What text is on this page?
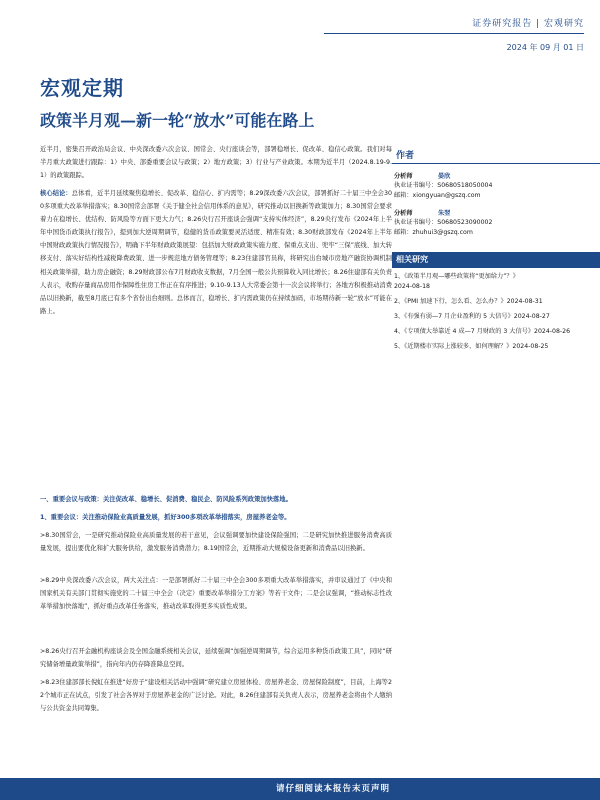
证券研究报告 | 宏观研究
2024 年 09 月 01 日
宏观定期
政策半月观—新一轮“放水”可能在路上

近半月，密集召开政治局会议、中央深改委六次会议、国常会、央行座谈会等，部署稳增长、促改革、稳信心政策。我们对每半月重大政策进行跟踪：1）中央、部委重要会议与政策；2）地方政策；3）行业与产业政策。本期为近半月（2024.8.19-9.1）的政策跟踪。

核心结论：总体看，近半月延续聚焦稳增长、促改革、稳信心、扩内需等；8.29深改委六次会议，部署抓好二十届三中全会300多项重大改革举措落实；8.30国常会部署《关于健全社会信用体系的意见》，研究推动以旧换新等政策加力；8.30国常会要求着力在稳增长、优结构、防风险等方面下更大力气；8.26央行召开座谈会强调“支持实体经济”，8.29央行发布《2024年上半年中国货币政策执行报告》，提到加大逆周期调节，稳健的货币政策要灵活适度、精准有效；8.30财政部发布《2024年上半年中国财政政策执行情况报告》，明确下半年财政政策展望：包括加大财政政策实施力度、保重点支出、兜牢“三保”底线、加大转移支付、落实好结构性减税降费政策、进一步规范地方债务管理等；8.23住建部官员称，将研究出台城市房地产融资协调机制相关政策举措，助力房企融资；8.29财政部公布7月财政收支数据，7月全国一般公共预算收入同比增长；8.26住建部有关负责人表示，收购存量商品房用作保障性住房工作正在有序推进；9.10-9.13人大常委会第十一次会议将举行；各地方积极推动消费品以旧换新，截至8月底已有多个省份出台细则。总体而言，稳增长、扩内需政策仍在持续加码，市场期待新一轮“放水”可能在路上。

一、重要会议与政策：关注促改革、稳增长、促消费、稳民企、防风险系列政策加快落地。

1、重要会议：关注推动保险业高质量发展，抓好300多项改革举措落实，房屋养老金等。

>8.30国常会，一是研究推动保险业高质量发展的若干意见，会议强调要加快建设保险强国；二是研究加快推进服务消费高质量发展，提出要优化和扩大服务供给，激发服务消费潜力；8.19国常会，近期推动大规模设备更新和消费品以旧换新。

>8.29中央深改委六次会议，两大关注点：一是部署抓好二十届三中全会300多项重大改革举措落实，并审议通过了《中央和国家机关有关部门贯彻实施党的二十届三中全会（决定）重要改革举措分工方案》等若干文件；二是会议强调，“推动标志性改革举措加快落地”，抓好重点改革任务落实，推动改革取得更多实质性成果。

>8.26央行召开金融机构座谈会及全国金融系统相关会议，延续强调“加强逆周期调节，综合运用多种货币政策工具”，同时“研究储备增量政策举措”，指向年内仍存降准降息空间。

>8.23住建部部长倪虹在推进“好房子”建设相关活动中强调“研究建立房屋体检、房屋养老金、房屋保险制度”，目前，上海等22个城市正在试点，引发了社会各界对于房屋养老金的广泛讨论。对此，8.26住建部有关负责人表示，房屋养老金将由个人缴纳与公共资金共同筹集。

作者
分析师	晏欣
执业证书编号：S0680518050004
邮箱：xiongyuan@gszq.com
分析师	朱翌
执业证书编号：S0680523090002
邮箱：zhuhui3@gszq.com
相关研究
1、《政策半月观—哪些政策将“更加给力”？》
2024-08-18
2、《PMI 加速下行，怎么看、怎么办？》2024-08-31
3、《有强有弱—7 月企业盈利的 5 大信号》2024-08-27
4、《专项债大举靠近 4 成—7 月财政的 3 大信号》2024-08-26
5、《近期楼市实际上涨较多，如何理解？》2024-08-25
请仔细阅读本报告末页声明
